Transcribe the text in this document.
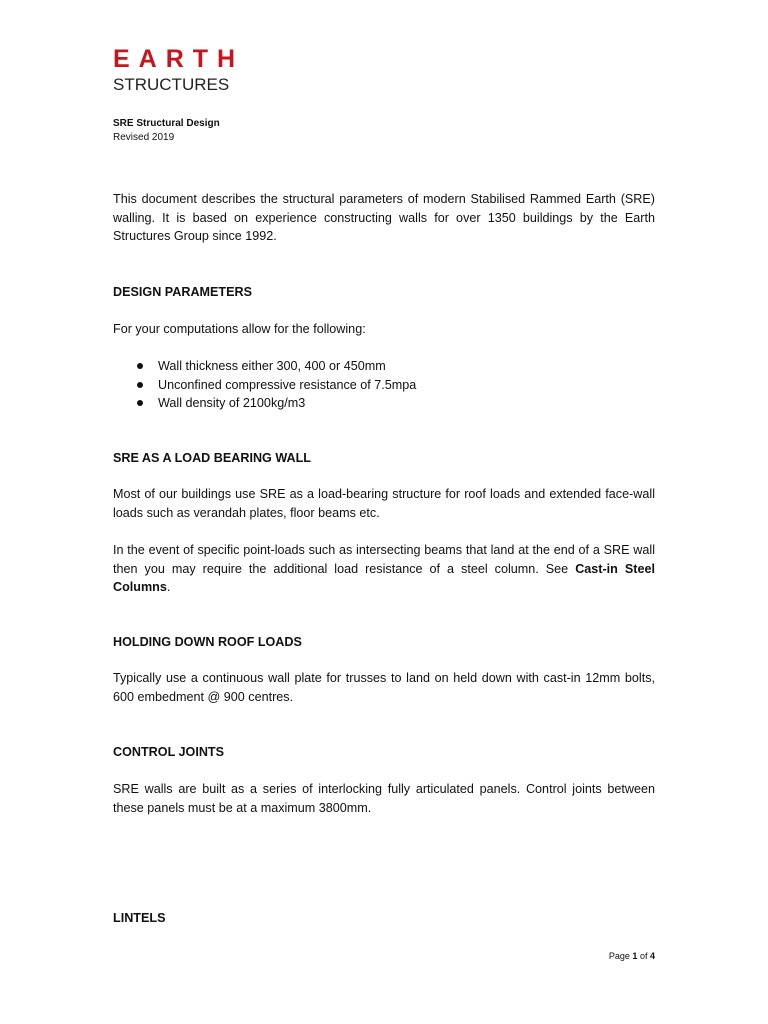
EARTH
STRUCTURES
SRE Structural Design
Revised 2019

This document describes the structural parameters of modern Stabilised Rammed Earth (SRE) walling. It is based on experience constructing walls for over 1350 buildings by the Earth Structures Group since 1992.

DESIGN PARAMETERS

For your computations allow for the following:

Wall thickness either 300, 400 or 450mm
Unconfined compressive resistance of 7.5mpa
Wall density of 2100kg/m3
SRE AS A LOAD BEARING WALL

Most of our buildings use SRE as a load-bearing structure for roof loads and extended face-wall loads such as verandah plates, floor beams etc.

In the event of specific point-loads such as intersecting beams that land at the end of a SRE wall then you may require the additional load resistance of a steel column. See Cast-in Steel Columns.

HOLDING DOWN ROOF LOADS

Typically use a continuous wall plate for trusses to land on held down with cast-in 12mm bolts, 600 embedment @ 900 centres.

CONTROL JOINTS

SRE walls are built as a series of interlocking fully articulated panels. Control joints between these panels must be at a maximum 3800mm.

LINTELS
Page 1 of 4
